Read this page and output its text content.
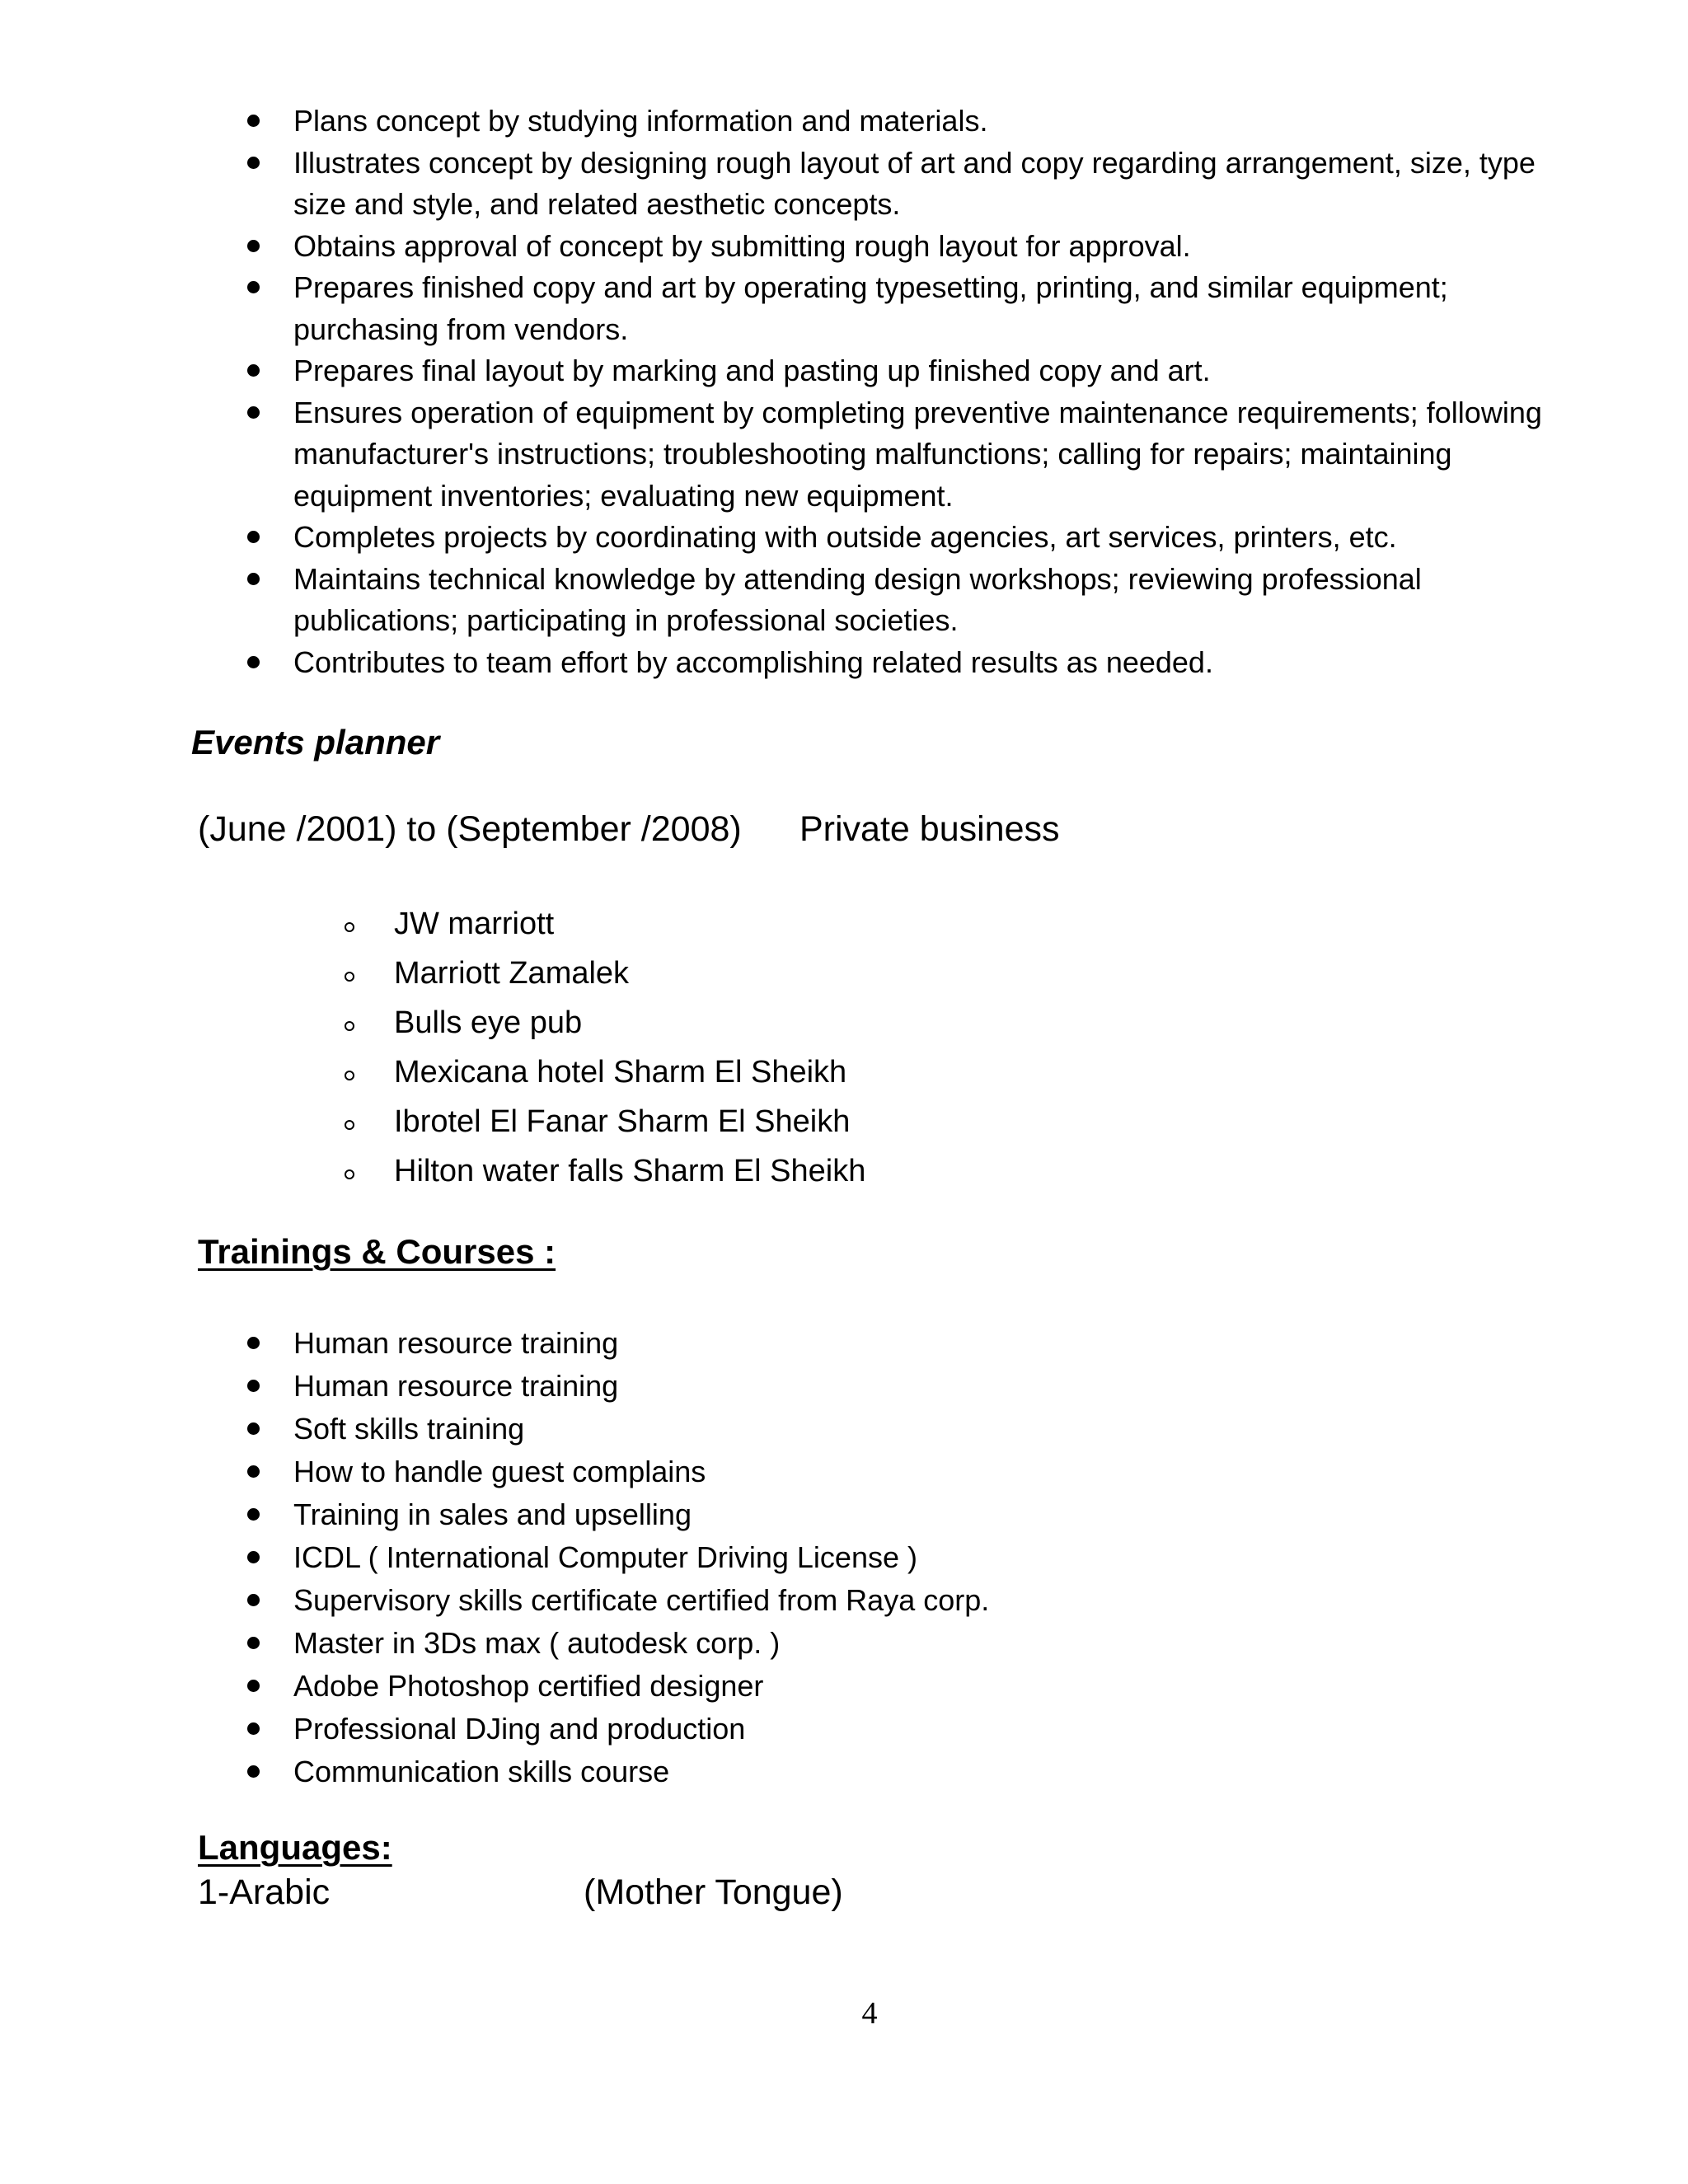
Plans concept by studying information and materials.
Illustrates concept by designing rough layout of art and copy regarding arrangement, size, type size and style, and related aesthetic concepts.
Obtains approval of concept by submitting rough layout for approval.
Prepares finished copy and art by operating typesetting, printing, and similar equipment; purchasing from vendors.
Prepares final layout by marking and pasting up finished copy and art.
Ensures operation of equipment by completing preventive maintenance requirements; following manufacturer's instructions; troubleshooting malfunctions; calling for repairs; maintaining equipment inventories; evaluating new equipment.
Completes projects by coordinating with outside agencies, art services, printers, etc.
Maintains technical knowledge by attending design workshops; reviewing professional publications; participating in professional societies.
Contributes to team effort by accomplishing related results as needed.
Events planner
(June /2001) to (September /2008) Private business
JW marriott
Marriott Zamalek
Bulls eye pub
Mexicana hotel Sharm El Sheikh
Ibrotel El Fanar Sharm El Sheikh
Hilton water falls Sharm El Sheikh
Trainings & Courses :
Human resource training
Human resource training
Soft skills training
How to handle guest complains
Training in sales and upselling
ICDL ( International Computer Driving License )
Supervisory skills certificate certified from Raya corp.
Master in 3Ds max ( autodesk corp. )
Adobe Photoshop certified designer
Professional DJing and production
Communication skills course
Languages:
1-Arabic	(Mother Tongue)
4
